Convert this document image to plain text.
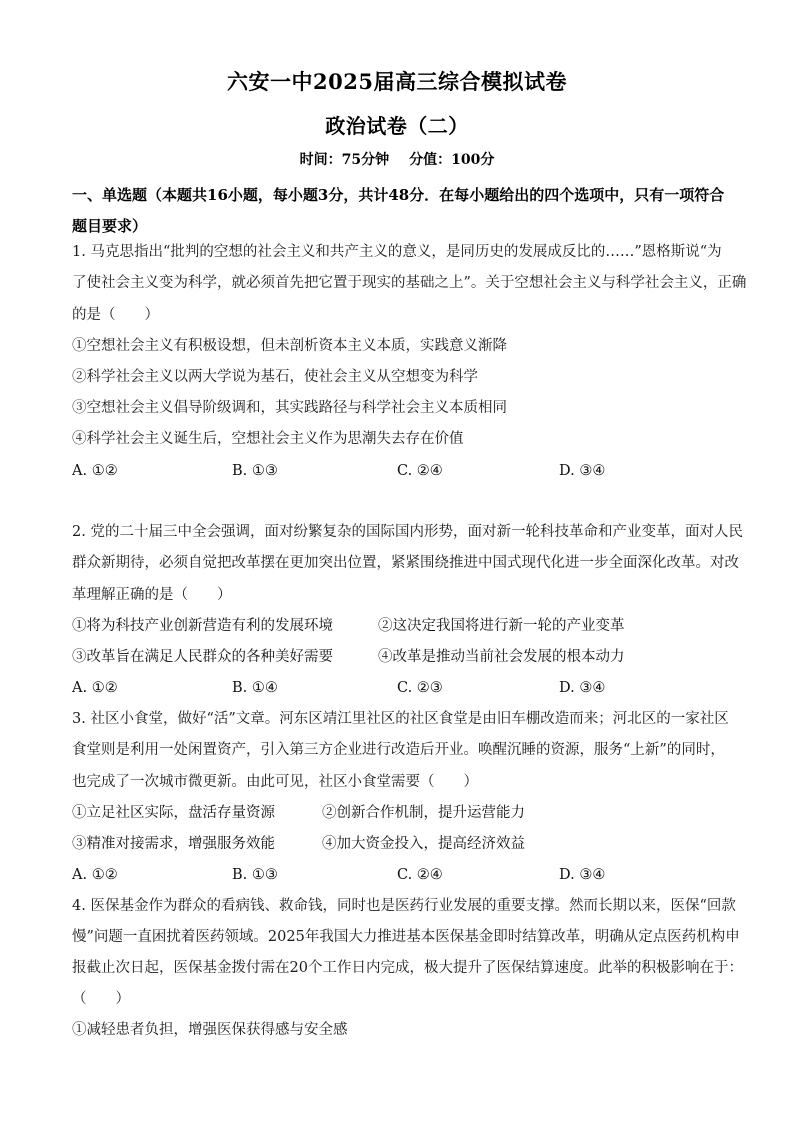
六安一中2025届高三综合模拟试卷
政治试卷（二）
时间：75分钟 分值：100分
一、单选题（本题共16小题，每小题3分，共计48分．在每小题给出的四个选项中，只有一项符合题目要求）
1. 马克思指出“批判的空想的社会主义和共产主义的意义，是同历史的发展成反比的……”恩格斯说“为
了使社会主义变为科学，就必须首先把它置于现实的基础之上”。关于空想社会主义与科学社会主义，正确
的是（　　）
①空想社会主义有积极设想，但未剖析资本主义本质，实践意义渐降
②科学社会主义以两大学说为基石，使社会主义从空想变为科学
③空想社会主义倡导阶级调和，其实践路径与科学社会主义本质相同
④科学社会主义诞生后，空想社会主义作为思潮失去存在价值
A. ①②	B. ①③	C. ②④	D. ③④
2. 党的二十届三中全会强调，面对纷繁复杂的国际国内形势，面对新一轮科技革命和产业变革，面对人民
群众新期待，必须自觉把改革摆在更加突出位置，紧紧围绕推进中国式现代化进一步全面深化改革。对改
革理解正确的是（　　）
①将为科技产业创新营造有利的发展环境	②这决定我国将进行新一轮的产业变革
③改革旨在满足人民群众的各种美好需要	④改革是推动当前社会发展的根本动力
A. ①②	B. ①④	C. ②③	D. ③④
3. 社区小食堂，做好“活”文章。河东区靖江里社区的社区食堂是由旧车棚改造而来；河北区的一家社区
食堂则是利用一处闲置资产，引入第三方企业进行改造后开业。唤醒沉睡的资源，服务“上新”的同时，
也完成了一次城市微更新。由此可见，社区小食堂需要（　　）
①立足社区实际，盘活存量资源	②创新合作机制，提升运营能力
③精准对接需求，增强服务效能	④加大资金投入，提高经济效益
A. ①②	B. ①③	C. ②④	D. ③④
4. 医保基金作为群众的看病钱、救命钱，同时也是医药行业发展的重要支撑。然而长期以来，医保“回款
慢”问题一直困扰着医药领域。2025年我国大力推进基本医保基金即时结算改革，明确从定点医药机构申
报截止次日起，医保基金拨付需在20个工作日内完成，极大提升了医保结算速度。此举的积极影响在于：
（　　）
①减轻患者负担，增强医保获得感与安全感
